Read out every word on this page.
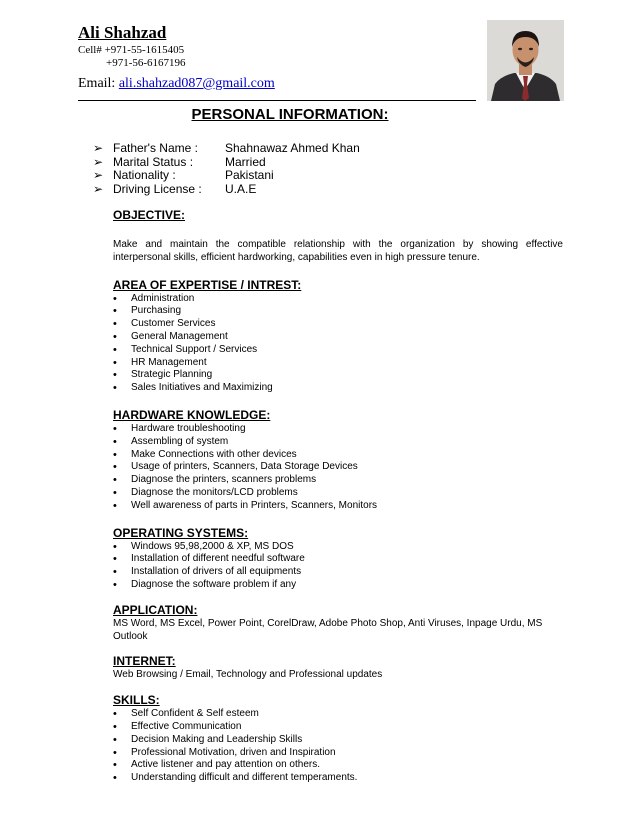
Ali Shahzad
Cell# +971-55-1615405
+971-56-6167196
Email: ali.shahzad087@gmail.com
PERSONAL INFORMATION:
➢ Father's Name :	Shahnawaz Ahmed Khan
➢ Marital Status :	Married
➢ Nationality :	Pakistani
➢ Driving License :	U.A.E
OBJECTIVE:

Make and maintain the compatible relationship with the organization by showing effective interpersonal skills, efficient hardworking, capabilities even in high pressure tenure.

AREA OF EXPERTISE / INTREST:
• Administration
• Purchasing
• Customer Services
• General Management
• Technical Support / Services
• HR Management
• Strategic Planning
• Sales Initiatives and Maximizing
HARDWARE KNOWLEDGE:
• Hardware troubleshooting
• Assembling of system
• Make Connections with other devices
• Usage of printers, Scanners, Data Storage Devices
• Diagnose the printers, scanners problems
• Diagnose the monitors/LCD problems
• Well awareness of parts in Printers, Scanners, Monitors
OPERATING SYSTEMS:
• Windows 95,98,2000 & XP, MS DOS
• Installation of different needful software
• Installation of drivers of all equipments
• Diagnose the software problem if any
APPLICATION:

MS Word, MS Excel, Power Point, CorelDraw, Adobe Photo Shop, Anti Viruses, Inpage Urdu, MS Outlook

INTERNET:

Web Browsing / Email, Technology and Professional updates

SKILLS:
• Self Confident & Self esteem
• Effective Communication
• Decision Making and Leadership Skills
• Professional Motivation, driven and Inspiration
• Active listener and pay attention on others.
• Understanding difficult and different temperaments.
